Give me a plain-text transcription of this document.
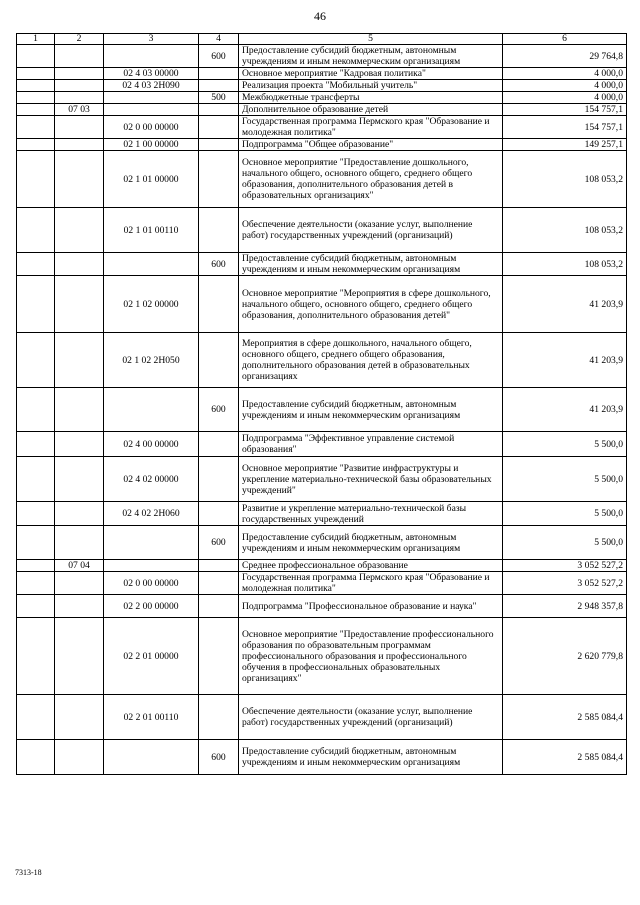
46
1	2	3	4	5	6
			600	Предоставление субсидий бюджетным, автономным учреждениям и иным некоммерческим организациям	29 764,8
		02 4 03 00000		Основное мероприятие "Кадровая политика"	4 000,0
		02 4 03 2Н090		Реализация проекта "Мобильный учитель"	4 000,0
			500	Межбюджетные трансферты	4 000,0
	07 03			Дополнительное образование детей	154 757,1
		02 0 00 00000		Государственная программа Пермского края "Образование и молодежная политика"	154 757,1
		02 1 00 00000		Подпрограмма "Общее образование"	149 257,1
		02 1 01 00000		Основное мероприятие "Предоставление дошкольного, начального общего, основного общего, среднего общего образования, дополнительного образования детей в образовательных организациях"	108 053,2
		02 1 01 00110		Обеспечение деятельности (оказание услуг, выполнение работ) государственных учреждений (организаций)	108 053,2
			600	Предоставление субсидий бюджетным, автономным учреждениям и иным некоммерческим организациям	108 053,2
		02 1 02 00000		Основное мероприятие "Мероприятия в сфере дошкольного, начального общего, основного общего, среднего общего образования, дополнительного образования детей"	41 203,9
		02 1 02 2Н050		Мероприятия в сфере дошкольного, начального общего, основного общего, среднего общего образования, дополнительного образования детей в образовательных организациях	41 203,9
			600	Предоставление субсидий бюджетным, автономным учреждениям и иным некоммерческим организациям	41 203,9
		02 4 00 00000		Подпрограмма "Эффективное управление системой образования"	5 500,0
		02 4 02 00000		Основное мероприятие "Развитие инфраструктуры и укрепление материально-технической базы образовательных учреждений"	5 500,0
		02 4 02 2Н060		Развитие и укрепление материально-технической базы государственных учреждений	5 500,0
			600	Предоставление субсидий бюджетным, автономным учреждениям и иным некоммерческим организациям	5 500,0
	07 04			Среднее профессиональное образование	3 052 527,2
		02 0 00 00000		Государственная программа Пермского края "Образование и молодежная политика"	3 052 527,2
		02 2 00 00000		Подпрограмма "Профессиональное образование и наука"	2 948 357,8
		02 2 01 00000		Основное мероприятие "Предоставление профессионального образования по образовательным программам профессионального образования и профессионального обучения в профессиональных образовательных организациях"	2 620 779,8
		02 2 01 00110		Обеспечение деятельности (оказание услуг, выполнение работ) государственных учреждений (организаций)	2 585 084,4
			600	Предоставление субсидий бюджетным, автономным учреждениям и иным некоммерческим организациям	2 585 084,4
7313-18
